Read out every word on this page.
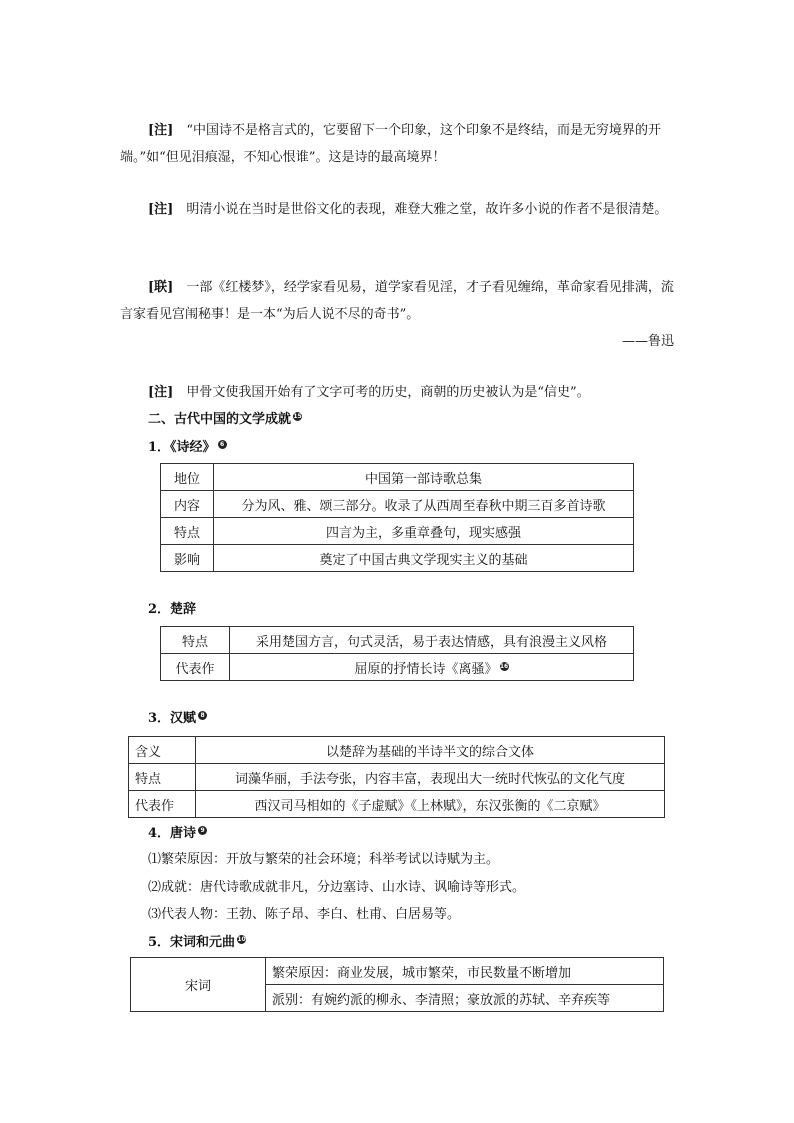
[注]　 “中国诗不是格言式的，它要留下一个印象，这个印象不是终结，而是无穷境界的开端。”如“但见泪痕湿，不知心恨谁”。这是诗的最高境界！

[注]　 明清小说在当时是世俗文化的表现，难登大雅之堂，故许多小说的作者不是很清楚。

[联]　 一部《红楼梦》，经学家看见易，道学家看见淫，才子看见缠绵，革命家看见排满，流言家看见宫闱秘事！是一本“为后人说不尽的奇书”。

——鲁迅

[注]　 甲骨文使我国开始有了文字可考的历史，商朝的历史被认为是“信史”。

二、古代中国的文学成就 15

1．《诗经》 6

地位	中国第一部诗歌总集
内容	分为风、雅、颂三部分。收录了从西周至春秋中期三百多首诗歌
特点	四言为主，多重章叠句，现实感强
影响	奠定了中国古典文学现实主义的基础

2．楚辞

特点	采用楚国方言，句式灵活，易于表达情感，具有浪漫主义风格
代表作	屈原的抒情长诗《离骚》 16

3．汉赋 8

含义	以楚辞为基础的半诗半文的综合文体
特点	词藻华丽，手法夸张，内容丰富，表现出大一统时代恢弘的文化气度
代表作	西汉司马相如的《子虚赋》《上林赋》，东汉张衡的《二京赋》

4．唐诗 9

⑴繁荣原因：开放与繁荣的社会环境；科举考试以诗赋为主。

⑵成就：唐代诗歌成就非凡，分边塞诗、山水诗、讽喻诗等形式。

⑶代表人物：王勃、陈子昂、李白、杜甫、白居易等。

5．宋词和元曲 10

宋词	繁荣原因：商业发展，城市繁荣，市民数量不断增加
派别：有婉约派的柳永、李清照；豪放派的苏轼、辛弃疾等
